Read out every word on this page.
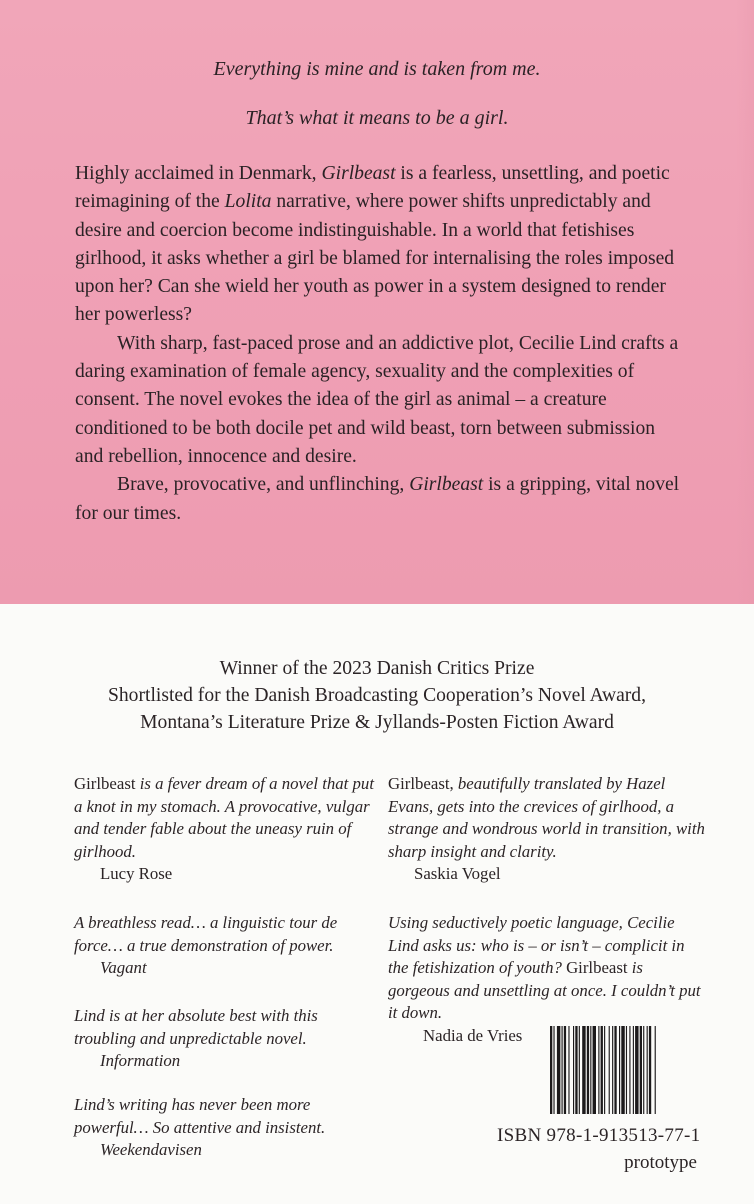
Everything is mine and is taken from me.
That’s what it means to be a girl.

Highly acclaimed in Denmark, Girlbeast is a fearless, unsettling, and poetic reimagining of the Lolita narrative, where power shifts unpredictably and desire and coercion become indistinguishable. In a world that fetishises girlhood, it asks whether a girl be blamed for internalising the roles imposed upon her? Can she wield her youth as power in a system designed to render her powerless?

With sharp, fast-paced prose and an addictive plot, Cecilie Lind crafts a daring examination of female agency, sexuality and the complexities of consent. The novel evokes the idea of the girl as animal – a creature conditioned to be both docile pet and wild beast, torn between submission and rebellion, innocence and desire.

Brave, provocative, and unflinching, Girlbeast is a gripping, vital novel for our times.

Winner of the 2023 Danish Critics Prize
Shortlisted for the Danish Broadcasting Cooperation’s Novel Award,
Montana’s Literature Prize & Jyllands-Posten Fiction Award

Girlbeast is a fever dream of a novel that put a knot in my stomach. A provocative, vulgar and tender fable about the uneasy ruin of girlhood.

Lucy Rose

A breathless read… a linguistic tour de force… a true demonstration of power.

Vagant

Lind is at her absolute best with this troubling and unpredictable novel.

Information

Lind’s writing has never been more powerful… So attentive and insistent.

Weekendavisen

Girlbeast, beautifully translated by Hazel Evans, gets into the crevices of girlhood, a strange and wondrous world in transition, with sharp insight and clarity.

Saskia Vogel

Using seductively poetic language, Cecilie Lind asks us: who is – or isn’t – complicit in the fetishization of youth? Girlbeast is gorgeous and unsettling at once. I couldn’t put it down.

Nadia de Vries

ISBN 978-1-913513-77-1
prototype
